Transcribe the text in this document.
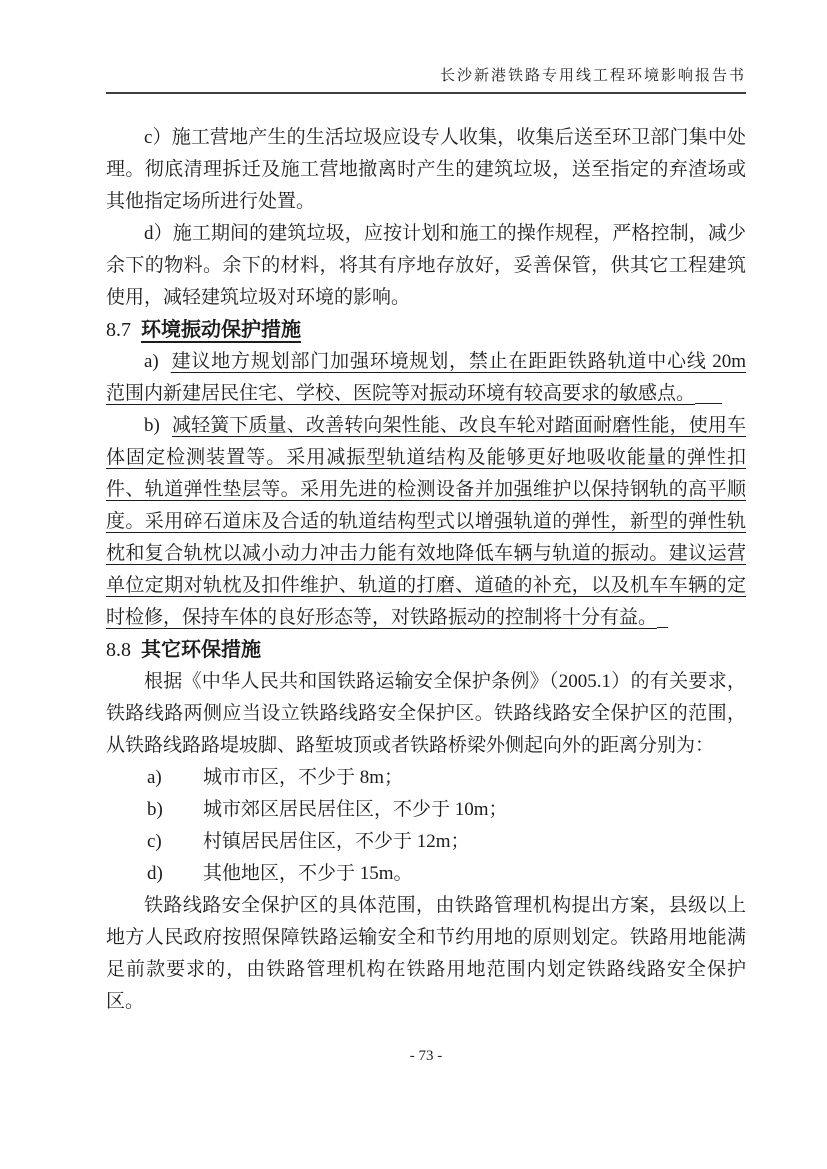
长沙新港铁路专用线工程环境影响报告书

c）施工营地产生的生活垃圾应设专人收集，收集后送至环卫部门集中处理。彻底清理拆迁及施工营地撤离时产生的建筑垃圾，送至指定的弃渣场或其他指定场所进行处置。

d）施工期间的建筑垃圾，应按计划和施工的操作规程，严格控制，减少余下的物料。余下的材料，将其有序地存放好，妥善保管，供其它工程建筑使用，减轻建筑垃圾对环境的影响。

8.7 环境振动保护措施

a) 建议地方规划部门加强环境规划，禁止在距距铁路轨道中心线 20m 范围内新建居民住宅、学校、医院等对振动环境有较高要求的敏感点。

b) 减轻簧下质量、改善转向架性能、改良车轮对踏面耐磨性能，使用车体固定检测装置等。采用减振型轨道结构及能够更好地吸收能量的弹性扣件、轨道弹性垫层等。采用先进的检测设备并加强维护以保持钢轨的高平顺度。采用碎石道床及合适的轨道结构型式以增强轨道的弹性，新型的弹性轨枕和复合轨枕以减小动力冲击力能有效地降低车辆与轨道的振动。建议运营单位定期对轨枕及扣件维护、轨道的打磨、道碴的补充，以及机车车辆的定时检修，保持车体的良好形态等，对铁路振动的控制将十分有益。

8.8 其它环保措施

根据《中华人民共和国铁路运输安全保护条例》（2005.1）的有关要求，铁路线路两侧应当设立铁路线路安全保护区。铁路线路安全保护区的范围，从铁路线路路堤坡脚、路堑坡顶或者铁路桥梁外侧起向外的距离分别为：

a) 城市市区，不少于 8m；
b) 城市郊区居民居住区，不少于 10m；
c) 村镇居民居住区，不少于 12m；
d) 其他地区，不少于 15m。

铁路线路安全保护区的具体范围，由铁路管理机构提出方案，县级以上地方人民政府按照保障铁路运输安全和节约用地的原则划定。铁路用地能满足前款要求的，由铁路管理机构在铁路用地范围内划定铁路线路安全保护区。

- 73 -
